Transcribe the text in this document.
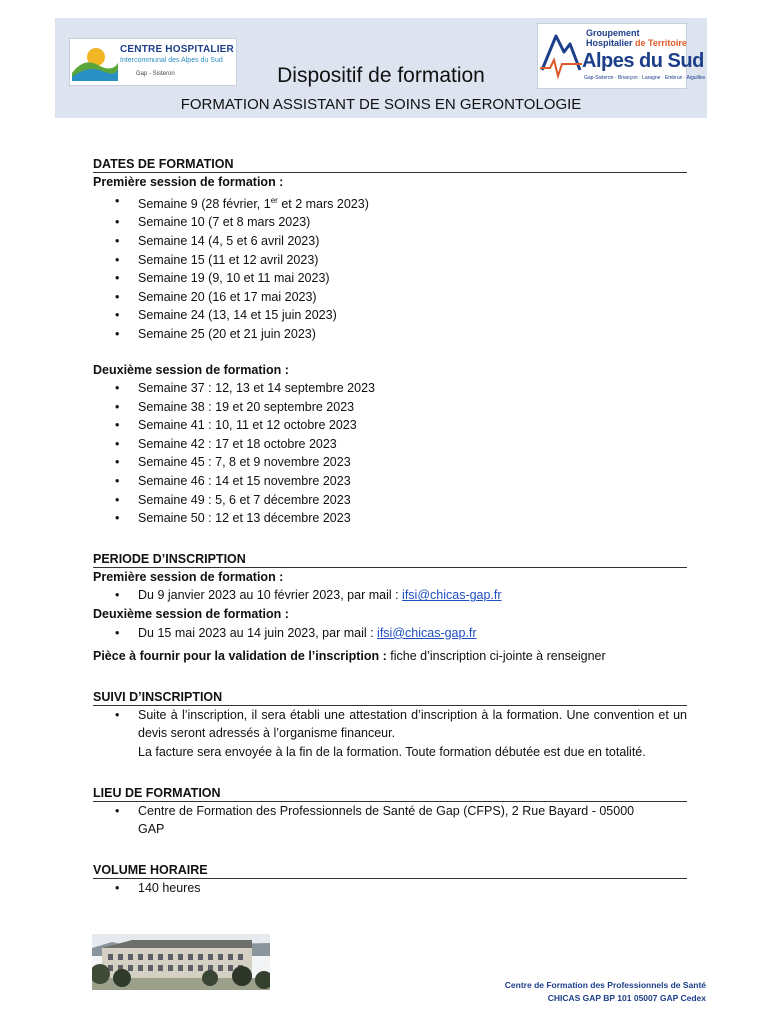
CENTRE HOSPITALIER
Intercommunal des Alpes du Sud
Gap - Sisteron	Dispositif de formation
FORMATION ASSISTANT DE SOINS EN GERONTOLOGIE
Groupement
Hospitalier de Territoire
Alpes du Sud
Gap-Sisteron · Briançon · Laragne · Embrun · Aiguilles
DATES DE FORMATION
Première session de formation :
• Semaine 9 (28 février, 1er et 2 mars 2023)
• Semaine 10 (7 et 8 mars 2023)
• Semaine 14 (4, 5 et 6 avril 2023)
• Semaine 15 (11 et 12 avril 2023)
• Semaine 19 (9, 10 et 11 mai 2023)
• Semaine 20 (16 et 17 mai 2023)
• Semaine 24 (13, 14 et 15 juin 2023)
• Semaine 25 (20 et 21 juin 2023)
Deuxième session de formation :
• Semaine 37 : 12, 13 et 14 septembre 2023
• Semaine 38 : 19 et 20 septembre 2023
• Semaine 41 : 10, 11 et 12 octobre 2023
• Semaine 42 : 17 et 18 octobre 2023
• Semaine 45 : 7, 8 et 9 novembre 2023
• Semaine 46 : 14 et 15 novembre 2023
• Semaine 49 : 5, 6 et 7 décembre 2023
• Semaine 50 : 12 et 13 décembre 2023
PERIODE D’INSCRIPTION
Première session de formation :
• Du 9 janvier 2023 au 10 février 2023, par mail : ifsi@chicas-gap.fr
Deuxième session de formation :
• Du 15 mai 2023 au 14 juin 2023, par mail : ifsi@chicas-gap.fr
Pièce à fournir pour la validation de l’inscription : fiche d’inscription ci-jointe à renseigner
SUIVI D’INSCRIPTION
• Suite à l’inscription, il sera établi une attestation d’inscription à la formation. Une convention et un devis seront adressés à l’organisme financeur.
La facture sera envoyée à la fin de la formation. Toute formation débutée est due en totalité.
LIEU DE FORMATION
• Centre de Formation des Professionnels de Santé de Gap (CFPS), 2 Rue Bayard - 05000 GAP
VOLUME HORAIRE
• 140 heures
Centre de Formation des Professionnels de Santé
CHICAS GAP BP 101 05007 GAP Cedex
